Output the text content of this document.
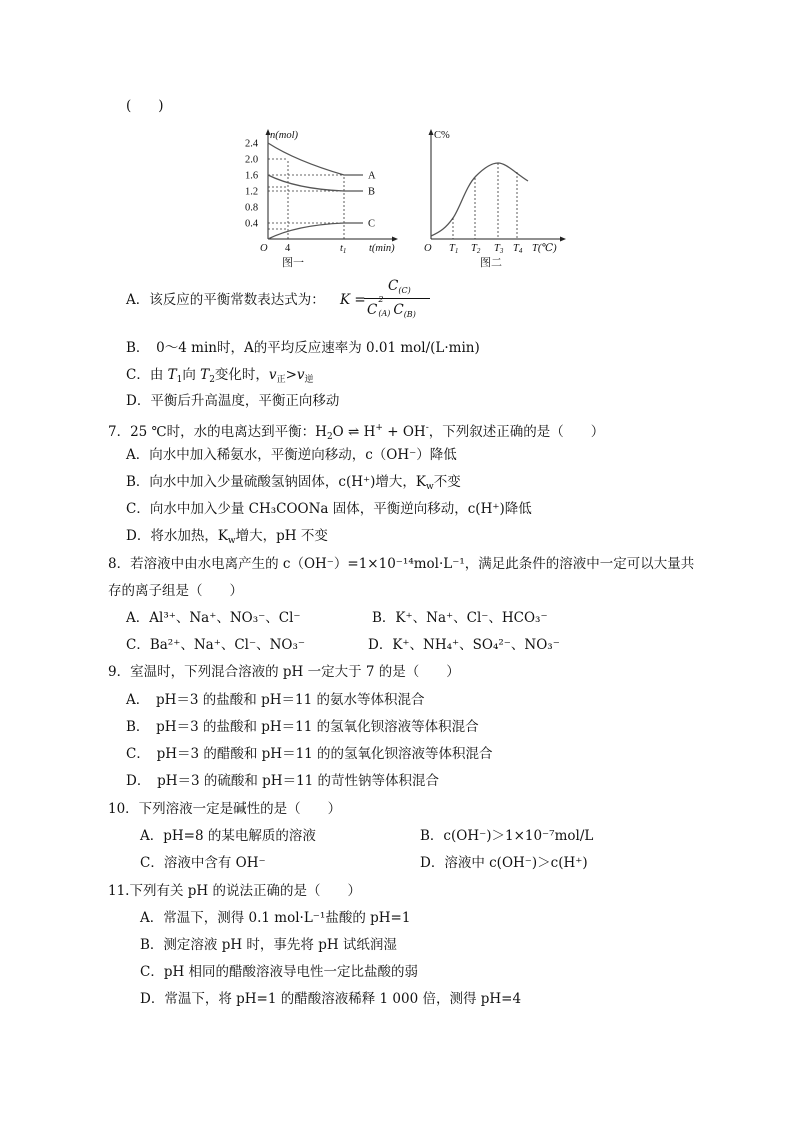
(　　)
2.4
2.0
1.6
1.2
0.8
0.4
n(mol)
O 4	t1 t(min)
A
B
C
图一
C%
O T1 T2 T3 T4 T(℃)
图二
A．该反应的平衡常数表达式为： K =
$C_{(C)}$
C
2
(A) $C_{(B)}$
B．　0～4 min时，A的平均反应速率为 0.01 mol/(L·min)
C．由 $T_1$向 $T_2$变化时，$v_正>v_逆$
D．平衡后升高温度，平衡正向移动
7．25 ℃时，水的电离达到平衡：$H_2O$ ⇌ H+ + OH-，下列叙述正确的是（　　）
A．向水中加入稀氨水，平衡逆向移动，c（OH⁻）降低
B．向水中加入少量硫酸氢钠固体，c(H⁺)增大，$K_w$不变
C．向水中加入少量 CH₃COONa 固体，平衡逆向移动，c(H⁺)降低
D．将水加热，$K_w$增大，pH 不变
8．若溶液中由水电离产生的 c（OH⁻）=1×10⁻¹⁴mol·L⁻¹，满足此条件的溶液中一定可以大量共
存的离子组是（　　）
A．Al³⁺、Na⁺、NO₃⁻、Cl⁻	B．K⁺、Na⁺、Cl⁻、HCO₃⁻
C．Ba²⁺、Na⁺、Cl⁻、NO₃⁻	D．K⁺、NH₄⁺、SO₄²⁻、NO₃⁻
9．室温时，下列混合溶液的 pH 一定大于 7 的是（　　）
A．　pH＝3 的盐酸和 pH＝11 的氨水等体积混合
B．　pH＝3 的盐酸和 pH＝11 的氢氧化钡溶液等体积混合
C．　pH＝3 的醋酸和 pH＝11 的的氢氧化钡溶液等体积混合
D．　pH＝3 的硫酸和 pH＝11 的苛性钠等体积混合
10．下列溶液一定是碱性的是（　　）
A．pH=8 的某电解质的溶液	B．c(OH⁻)＞1×10⁻⁷mol/L
C．溶液中含有 OH⁻	D．溶液中 c(OH⁻)＞c(H⁺)
11.下列有关 pH 的说法正确的是（　　）
A．常温下，测得 0.1 mol·L⁻¹盐酸的 pH=1
B．测定溶液 pH 时，事先将 pH 试纸润湿
C．pH 相同的醋酸溶液导电性一定比盐酸的弱
D．常温下，将 pH=1 的醋酸溶液稀释 1 000 倍，测得 pH=4
